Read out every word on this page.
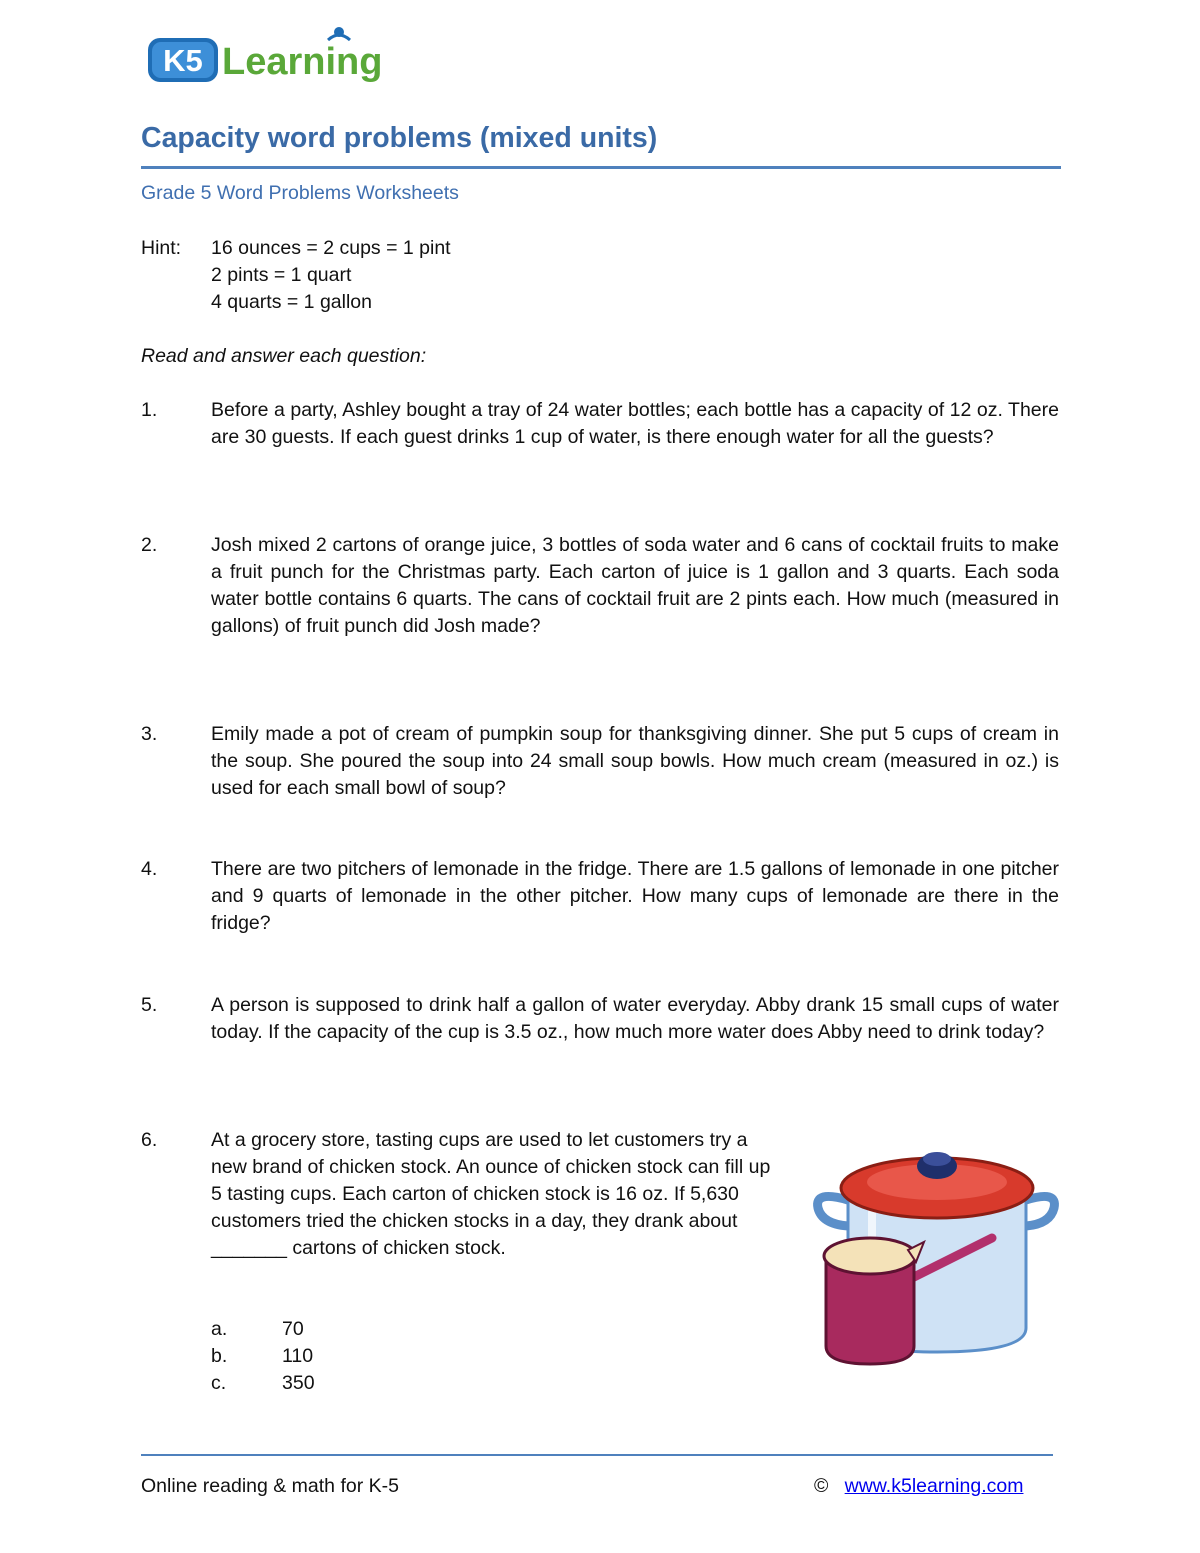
K5 Learning
Capacity word problems (mixed units)
Grade 5 Word Problems Worksheets
Hint: 16 ounces = 2 cups = 1 pint
2 pints = 1 quart
4 quarts = 1 gallon
Read and answer each question:
1.	Before a party, Ashley bought a tray of 24 water bottles; each bottle has a capacity of 12 oz. There are 30 guests. If each guest drinks 1 cup of water, is there enough water for all the guests?
2.	Josh mixed 2 cartons of orange juice, 3 bottles of soda water and 6 cans of cocktail fruits to make a fruit punch for the Christmas party. Each carton of juice is 1 gallon and 3 quarts. Each soda water bottle contains 6 quarts. The cans of cocktail fruit are 2 pints each. How much (measured in gallons) of fruit punch did Josh made?
3.	Emily made a pot of cream of pumpkin soup for thanksgiving dinner. She put 5 cups of cream in the soup. She poured the soup into 24 small soup bowls. How much cream (measured in oz.) is used for each small bowl of soup?
4.	There are two pitchers of lemonade in the fridge. There are 1.5 gallons of lemonade in one pitcher and 9 quarts of lemonade in the other pitcher. How many cups of lemonade are there in the fridge?
5.	A person is supposed to drink half a gallon of water everyday. Abby drank 15 small cups of water today. If the capacity of the cup is 3.5 oz., how much more water does Abby need to drink today?
6.	At a grocery store, tasting cups are used to let customers try a new brand of chicken stock. An ounce of chicken stock can fill up 5 tasting cups. Each carton of chicken stock is 16 oz. If 5,630 customers tried the chicken stocks in a day, they drank about _______ cartons of chicken stock.
a.	70
b.	110
c.	350
Online reading & math for K-5	© www.k5learning.com
